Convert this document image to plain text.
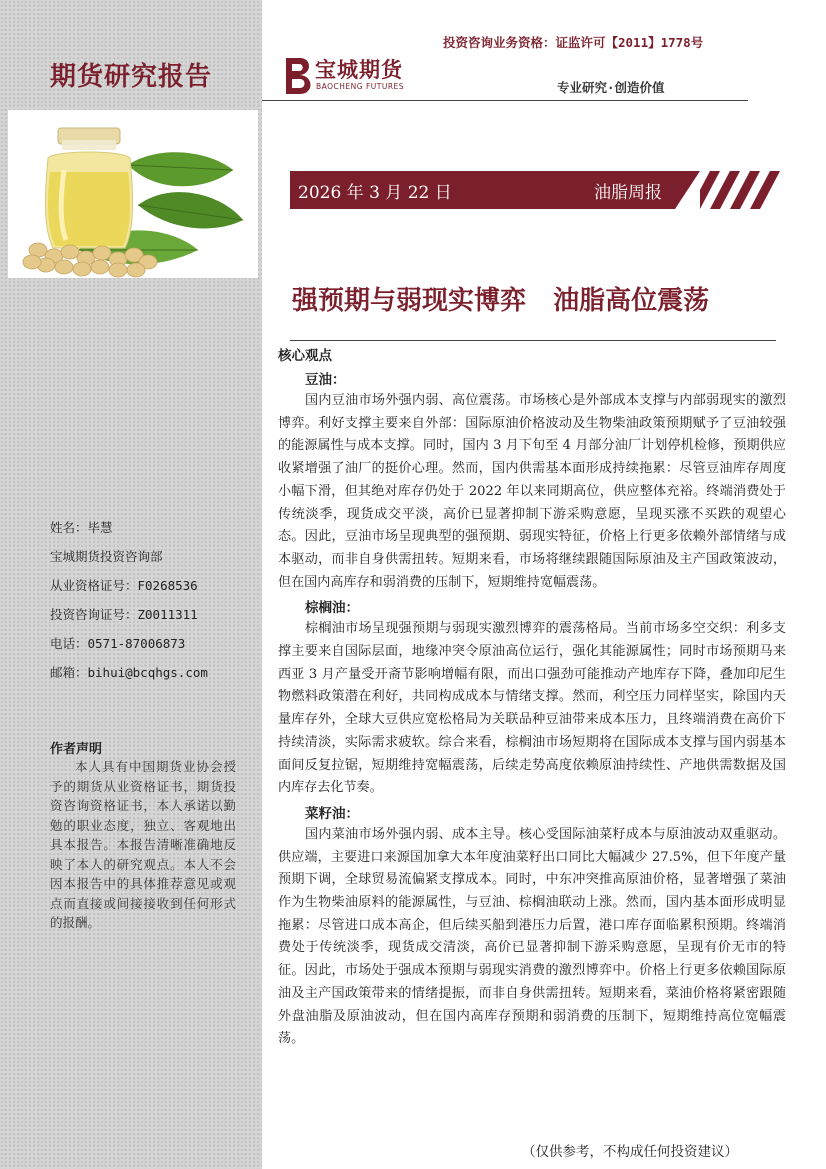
期货研究报告
姓名：毕慧
宝城期货投资咨询部
从业资格证号：F0268536
投资咨询证号：Z0011311
电话：0571-87006873
邮箱：bihui@bcqhgs.com
作者声明
本人具有中国期货业协会授予的期货从业资格证书，期货投资咨询资格证书，本人承诺以勤勉的职业态度，独立、客观地出具本报告。本报告清晰准确地反映了本人的研究观点。本人不会因本报告中的具体推荐意见或观点而直接或间接接收到任何形式的报酬。
投资咨询业务资格：证监许可【2011】1778号
宝城期货
BAOCHENG FUTURES	专业研究·创造价值
2026 年 3 月 22 日	油脂周报
强预期与弱现实博弈   油脂高位震荡
核心观点
豆油：

国内豆油市场外强内弱、高位震荡。市场核心是外部成本支撑与内部弱现实的激烈博弈。利好支撑主要来自外部：国际原油价格波动及生物柴油政策预期赋予了豆油较强的能源属性与成本支撑。同时，国内 3 月下旬至 4 月部分油厂计划停机检修，预期供应收紧增强了油厂的挺价心理。然而，国内供需基本面形成持续拖累：尽管豆油库存周度小幅下滑，但其绝对库存仍处于 2022 年以来同期高位，供应整体充裕。终端消费处于传统淡季，现货成交平淡，高价已显著抑制下游采购意愿，呈现买涨不买跌的观望心态。因此，豆油市场呈现典型的强预期、弱现实特征，价格上行更多依赖外部情绪与成本驱动，而非自身供需扭转。短期来看，市场将继续跟随国际原油及主产国政策波动，但在国内高库存和弱消费的压制下，短期维持宽幅震荡。

棕榈油：

棕榈油市场呈现强预期与弱现实激烈博弈的震荡格局。当前市场多空交织：利多支撑主要来自国际层面，地缘冲突令原油高位运行，强化其能源属性；同时市场预期马来西亚 3 月产量受开斋节影响增幅有限，而出口强劲可能推动产地库存下降，叠加印尼生物燃料政策潜在利好，共同构成成本与情绪支撑。然而，利空压力同样坚实，除国内天量库存外，全球大豆供应宽松格局为关联品种豆油带来成本压力，且终端消费在高价下持续清淡，实际需求疲软。综合来看，棕榈油市场短期将在国际成本支撑与国内弱基本面间反复拉锯，短期维持宽幅震荡，后续走势高度依赖原油持续性、产地供需数据及国内库存去化节奏。

菜籽油：

国内菜油市场外强内弱、成本主导。核心受国际油菜籽成本与原油波动双重驱动。供应端，主要进口来源国加拿大本年度油菜籽出口同比大幅减少 27.5%，但下年度产量预期下调，全球贸易流偏紧支撑成本。同时，中东冲突推高原油价格，显著增强了菜油作为生物柴油原料的能源属性，与豆油、棕榈油联动上涨。然而，国内基本面形成明显拖累：尽管进口成本高企，但后续买船到港压力后置，港口库存面临累积预期。终端消费处于传统淡季，现货成交清淡，高价已显著抑制下游采购意愿，呈现有价无市的特征。因此，市场处于强成本预期与弱现实消费的激烈博弈中。价格上行更多依赖国际原油及主产国政策带来的情绪提振，而非自身供需扭转。短期来看，菜油价格将紧密跟随外盘油脂及原油波动，但在国内高库存预期和弱消费的压制下，短期维持高位宽幅震荡。

（仅供参考，不构成任何投资建议）
